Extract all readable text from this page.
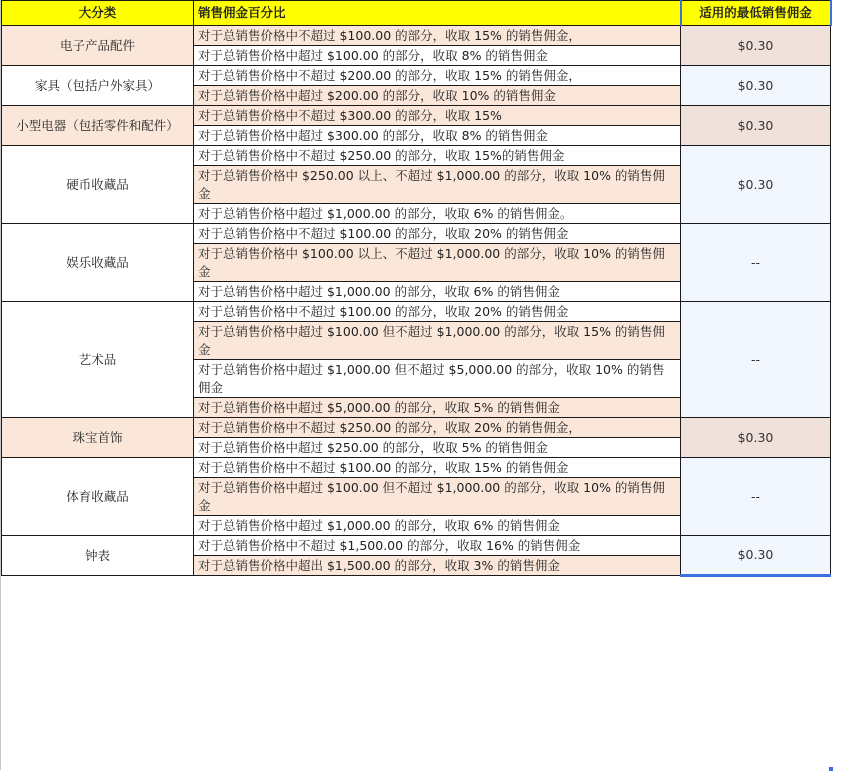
大分类	销售佣金百分比	适用的最低销售佣金
电子产品配件	对于总销售价格中不超过 $100.00 的部分，收取 15% 的销售佣金，	$0.30
	对于总销售价格中超过 $100.00 的部分，收取 8% 的销售佣金	
家具（包括户外家具）	对于总销售价格中不超过 $200.00 的部分，收取 15% 的销售佣金，	$0.30
	对于总销售价格中超过 $200.00 的部分，收取 10% 的销售佣金	
小型电器（包括零件和配件）	对于总销售价格中不超过 $300.00 的部分，收取 15%	$0.30
	对于总销售价格中超过 $300.00 的部分，收取 8% 的销售佣金	
硬币收藏品	对于总销售价格中不超过 $250.00 的部分，收取 15%的销售佣金	$0.30
	对于总销售价格中 $250.00 以上、不超过 $1,000.00 的部分，收取 10% 的销售佣金	
	对于总销售价格中超过 $1,000.00 的部分，收取 6% 的销售佣金。	
娱乐收藏品	对于总销售价格中不超过 $100.00 的部分，收取 20% 的销售佣金	--
	对于总销售价格中 $100.00 以上、不超过 $1,000.00 的部分，收取 10% 的销售佣金	
	对于总销售价格中超过 $1,000.00 的部分，收取 6% 的销售佣金	
艺术品	对于总销售价格中不超过 $100.00 的部分，收取 20% 的销售佣金	--
	对于总销售价格中超过 $100.00 但不超过 $1,000.00 的部分，收取 15% 的销售佣金	
	对于总销售价格中超过 $1,000.00 但不超过 $5,000.00 的部分，收取 10% 的销售佣金	
	对于总销售价格中超过 $5,000.00 的部分，收取 5% 的销售佣金	
珠宝首饰	对于总销售价格中不超过 $250.00 的部分，收取 20% 的销售佣金，	$0.30
	对于总销售价格中超过 $250.00 的部分，收取 5% 的销售佣金	
体育收藏品	对于总销售价格中不超过 $100.00 的部分，收取 15% 的销售佣金	--
	对于总销售价格中超过 $100.00 但不超过 $1,000.00 的部分，收取 10% 的销售佣金	
	对于总销售价格中超过 $1,000.00 的部分，收取 6% 的销售佣金	
钟表	对于总销售价格中不超过 $1,500.00 的部分，收取 16% 的销售佣金	$0.30
	对于总销售价格中超出 $1,500.00 的部分，收取 3% 的销售佣金	
